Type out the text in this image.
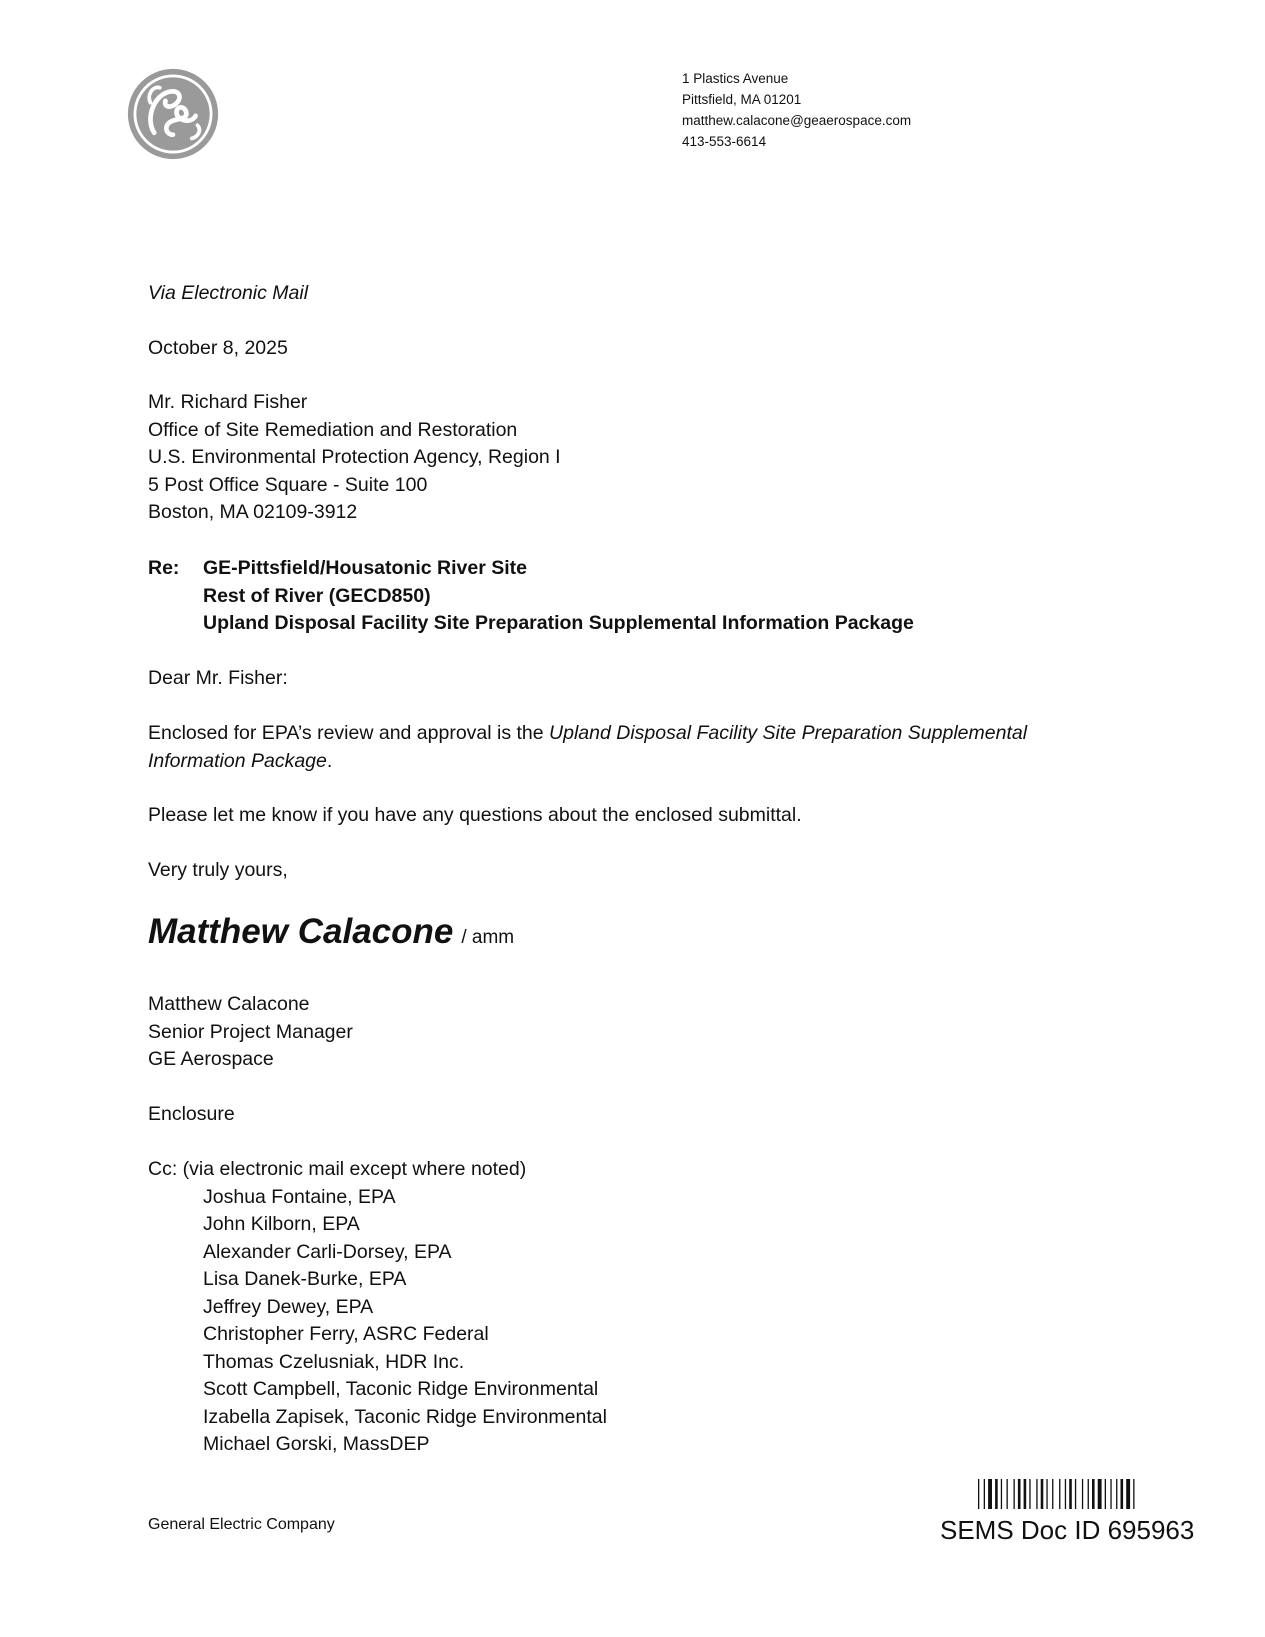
1 Plastics Avenue
Pittsfield, MA 01201
matthew.calacone@geaerospace.com
413-553-6614
Via Electronic Mail
October 8, 2025
Mr. Richard Fisher
Office of Site Remediation and Restoration
U.S. Environmental Protection Agency, Region I
5 Post Office Square - Suite 100
Boston, MA 02109-3912
Re: GE-Pittsfield/Housatonic River Site
Rest of River (GECD850)
Upland Disposal Facility Site Preparation Supplemental Information Package
Dear Mr. Fisher:
Enclosed for EPA’s review and approval is the Upland Disposal Facility Site Preparation Supplemental
Information Package.
Please let me know if you have any questions about the enclosed submittal.
Very truly yours,
Matthew Calacone / amm
Matthew Calacone
Senior Project Manager
GE Aerospace
Enclosure
Cc: (via electronic mail except where noted)
Joshua Fontaine, EPA
John Kilborn, EPA
Alexander Carli-Dorsey, EPA
Lisa Danek-Burke, EPA
Jeffrey Dewey, EPA
Christopher Ferry, ASRC Federal
Thomas Czelusniak, HDR Inc.
Scott Campbell, Taconic Ridge Environmental
Izabella Zapisek, Taconic Ridge Environmental
Michael Gorski, MassDEP
General Electric Company	SEMS Doc ID 695963
